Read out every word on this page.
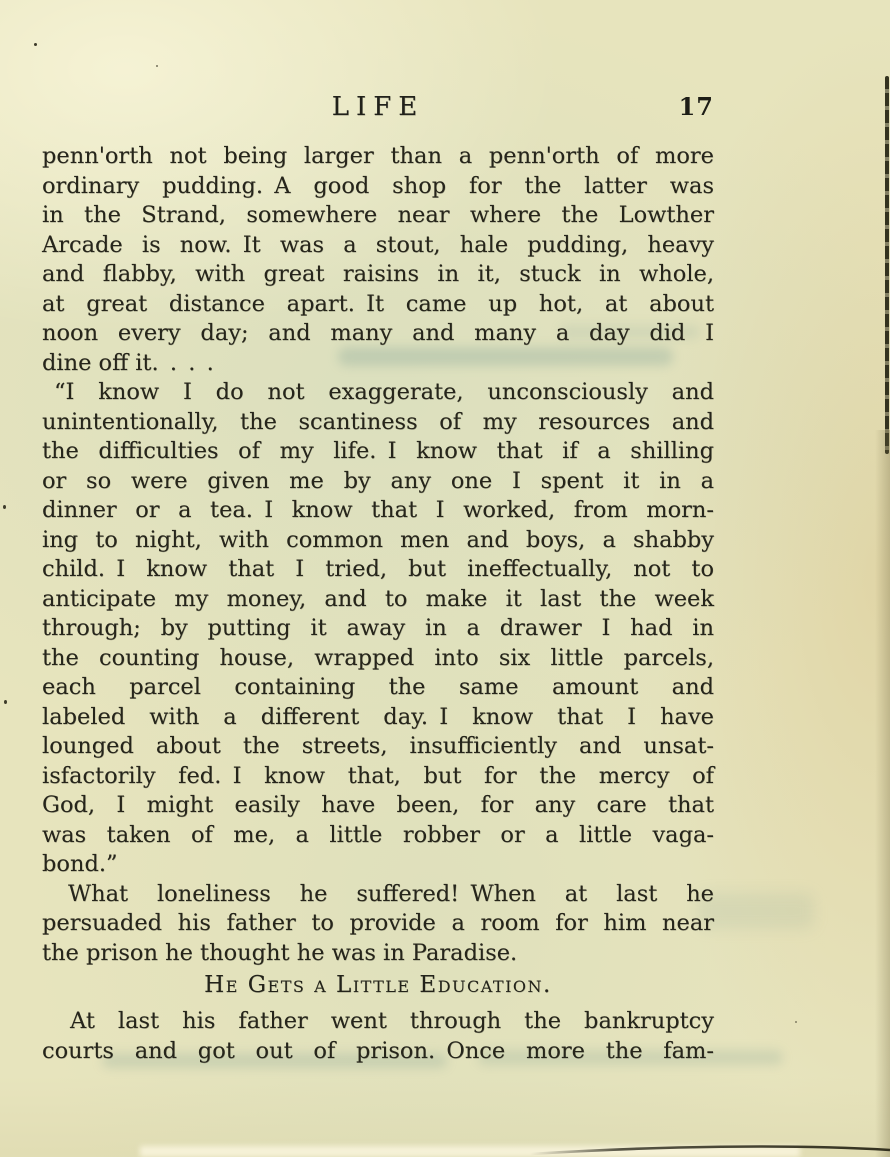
LIFE	17
penn'orth not being larger than a penn'orth of more
ordinary pudding. A good shop for the latter was
in the Strand, somewhere near where the Lowther
Arcade is now. It was a stout, hale pudding, heavy
and flabby, with great raisins in it, stuck in whole,
at great distance apart. It came up hot, at about
noon every day; and many and many a day did I
dine off it. . . .
“I know I do not exaggerate, unconsciously and
unintentionally, the scantiness of my resources and
the difficulties of my life. I know that if a shilling
or so were given me by any one I spent it in a
dinner or a tea. I know that I worked, from morn-
ing to night, with common men and boys, a shabby
child. I know that I tried, but ineffectually, not to
anticipate my money, and to make it last the week
through; by putting it away in a drawer I had in
the counting house, wrapped into six little parcels,
each parcel containing the same amount and
labeled with a different day. I know that I have
lounged about the streets, insufficiently and unsat-
isfactorily fed. I know that, but for the mercy of
God, I might easily have been, for any care that
was taken of me, a little robber or a little vaga-
bond.”
What loneliness he suffered! When at last he
persuaded his father to provide a room for him near
the prison he thought he was in Paradise.
He Gets a Little Education.
At last his father went through the bankruptcy
courts and got out of prison. Once more the fam-
